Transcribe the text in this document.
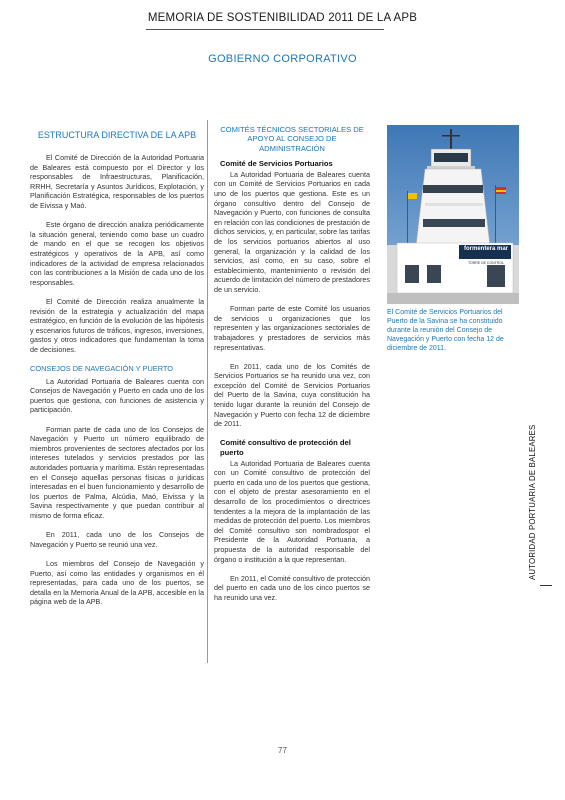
MEMORIA DE SOSTENIBILIDAD 2011 DE LA APB
GOBIERNO CORPORATIVO
ESTRUCTURA DIRECTIVA DE LA APB

El Comité de Dirección de la Autoridad Portuaria de Baleares está compuesto por el Director y los responsables de Infraestructuras, Planificación, RRHH, Secretaría y Asuntos Jurídicos, Explotación, y Planificación Estratégica, responsables de los puertos de Eivissa y Maó.

Este órgano de dirección analiza periódicamente la situación general, teniendo como base un cuadro de mando en el que se recogen los objetivos estratégicos y operativos de la APB, así como indicadores de la actividad de empresa relacionados con las contribuciones a la Misión de cada uno de los responsables.

El Comité de Dirección realiza anualmente la revisión de la estrategia y actualización del mapa estratégico, en función de la evolución de las hipótesis y escenarios futuros de tráficos, ingresos, inversiones, gastos y otros indicadores que fundamentan la toma de decisiones.

CONSEJOS DE NAVEGACIÓN Y PUERTO

La Autoridad Portuaria de Baleares cuenta con Consejos de Navegación y Puerto en cada uno de los puertos que gestiona, con funciones de asistencia y participación.

Forman parte de cada uno de los Consejos de Navegación y Puerto un número equilibrado de miembros provenientes de sectores afectados por los intereses tutelados y servicios prestados por las autoridades portuaria y marítima. Están representadas en el Consejo aquellas personas físicas o jurídicas interesadas en el buen funcionamiento y desarrollo de los puertos de Palma, Alcúdia, Maó, Eivissa y la Savina respectivamente y que puedan contribuir al mismo de forma eficaz.

En 2011, cada uno de los Consejos de Navegación y Puerto se reunió una vez.

Los miembros del Consejo de Navegación y Puerto, así como las entidades y organismos en él representadas, para cada uno de los puertos, se detalla en la Memoria Anual de la APB, accesible en la página web de la APB.

COMITÉS TÉCNICOS SECTORIALES DE APOYO AL CONSEJO DE ADMINISTRACIÓN
Comité de Servicios Portuarios

La Autoridad Portuaria de Baleares cuenta con un Comité de Servicios Portuarios en cada uno de los puertos que gestiona. Este es un órgano consultivo dentro del Consejo de Navegación y Puerto, con funciones de consulta en relación con las condiciones de prestación de dichos servicios, y, en particular, sobre las tarifas de los servicios portuarios abiertos al uso general, la organización y la calidad de los servicios, así como, en su caso, sobre el establecimiento, mantenimiento o revisión del acuerdo de limitación del número de prestadores de un servicio.

Forman parte de este Comité los usuarios de servicios u organizaciones que los representen y las organizaciones sectoriales de trabajadores y prestadores de servicios más representativas.

En 2011, cada uno de los Comités de Servicios Portuarios se ha reunido una vez, con excepción del Comité de Servicios Portuarios del Puerto de la Savina, cuya constitución ha tenido lugar durante la reunión del Consejo de Navegación y Puerto con fecha 12 de diciembre de 2011.

Comité consultivo de protección del puerto

La Autoridad Portuaria de Baleares cuenta con un Comité consultivo de protección del puerto en cada uno de los puertos que gestiona, con el objeto de prestar asesoramiento en el desarrollo de los procedimientos o directrices tendentes a la mejora de la implantación de las medidas de protección del puerto. Los miembros del Comité consultivo son nombradospor el Presidente de la Autoridad Portuaria, a propuesta de la autoridad responsable del órgano o institución a la que representan.

En 2011, el Comité consultivo de protección del puerto en cada uno de los cinco puertos se ha reunido una vez.

formentera mar
TORRE DE CONTROL
El Comité de Servicios Portuarios del Puerto de la Savina se ha constituido durante la reunión del Consejo de Navegación y Puerto con fecha 12 de diciembre de 2011.
AUTORIDAD PORTUARIA DE BALEARES
77
